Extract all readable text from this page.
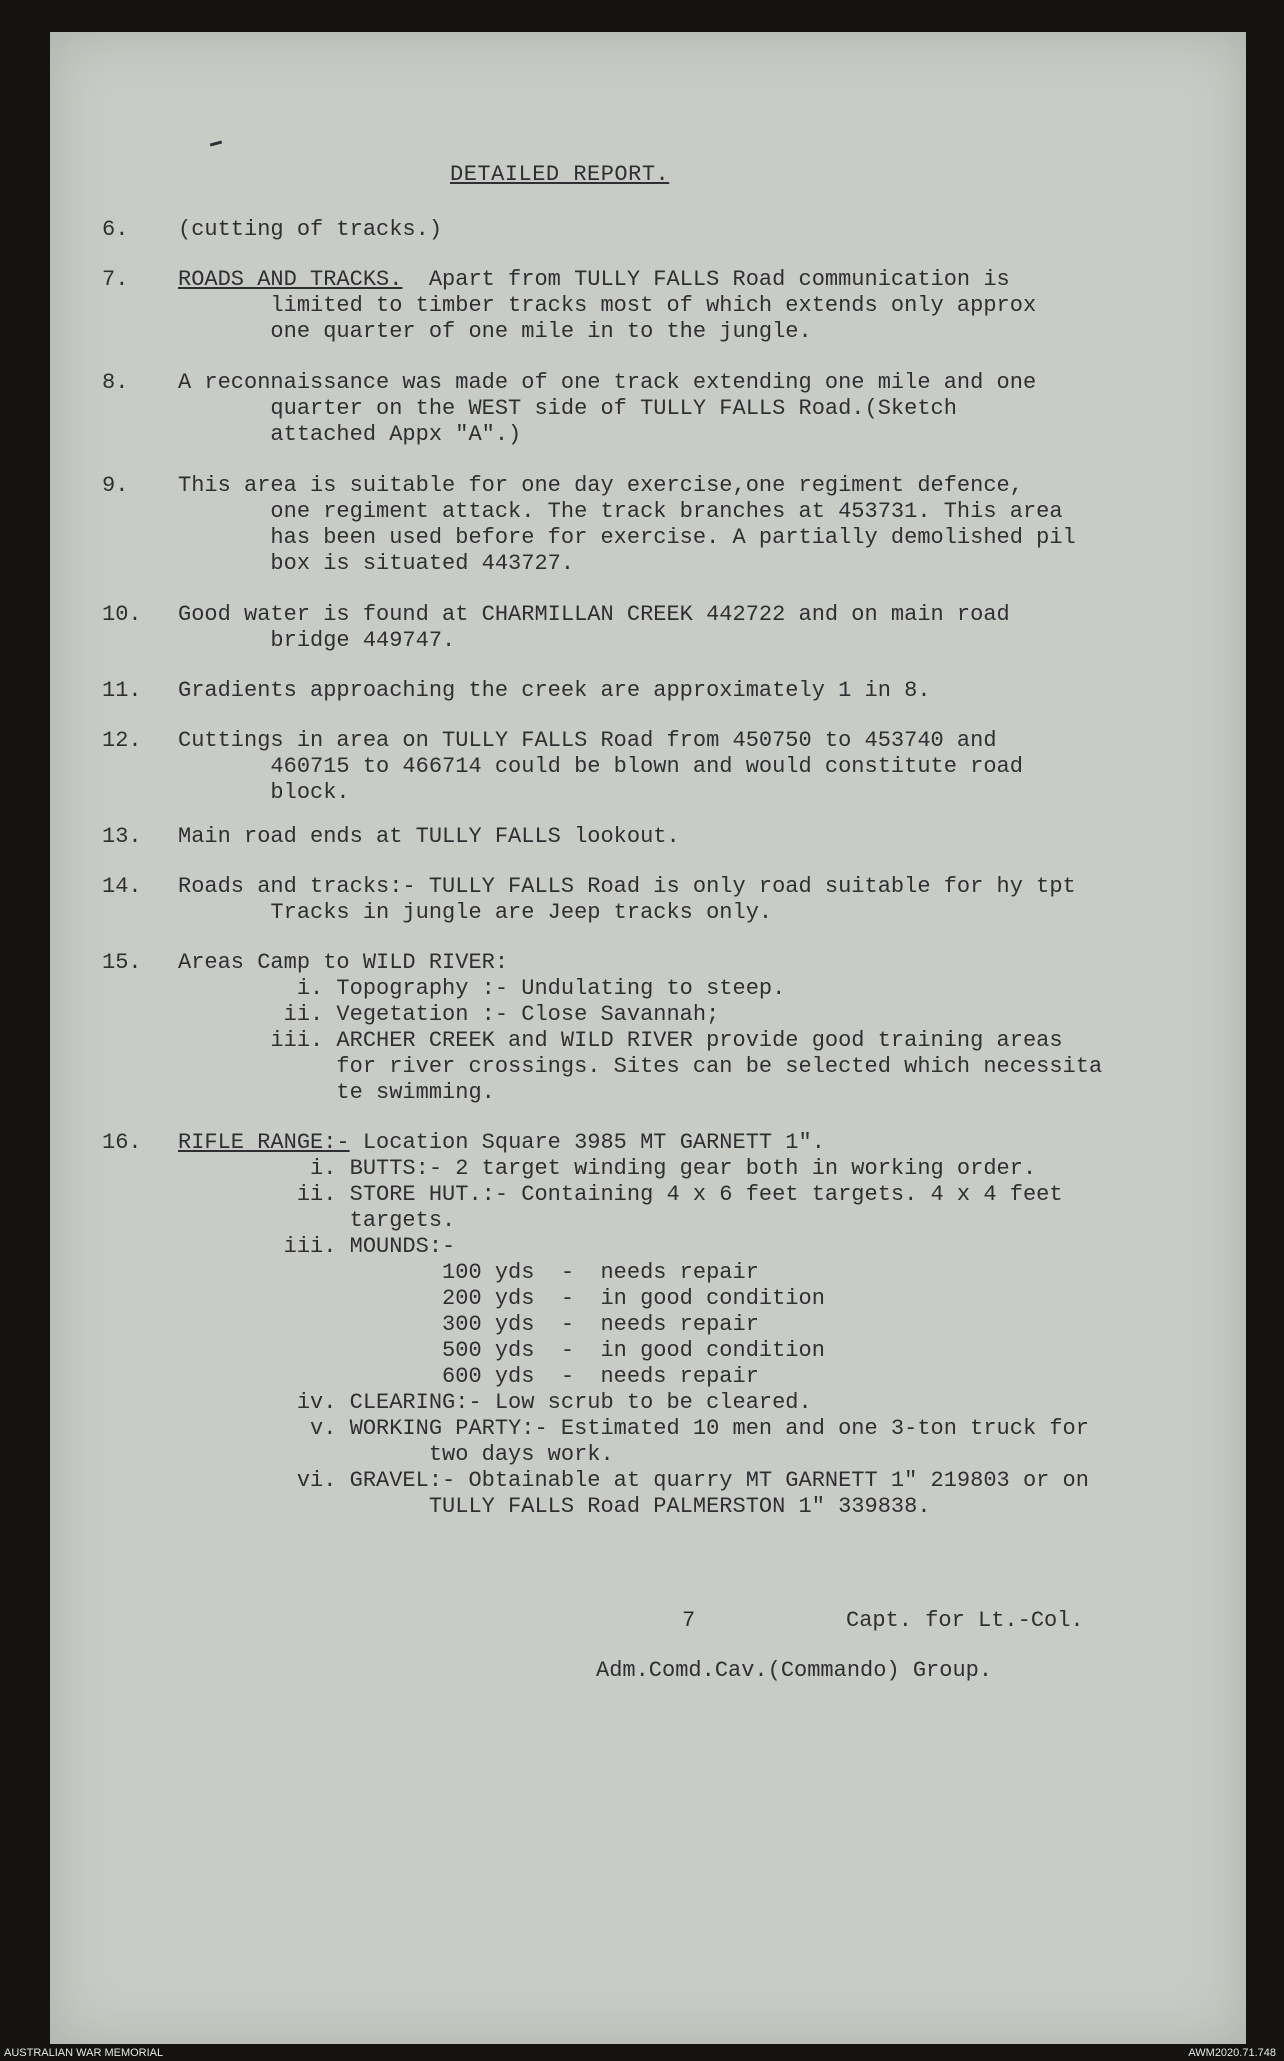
DETAILED REPORT.
6.	(cutting of tracks.)
7.	ROADS AND TRACKS.  Apart from TULLY FALLS Road communication is
limited to timber tracks most of which extends only approx
one quarter of one mile in to the jungle.
8.	A reconnaissance was made of one track extending one mile and one
quarter on the WEST side of TULLY FALLS Road.(Sketch
attached Appx "A".)
9.	This area is suitable for one day exercise,one regiment defence,
one regiment attack. The track branches at 453731. This area
has been used before for exercise. A partially demolished pil
box is situated 443727.
10.	Good water is found at CHARMILLAN CREEK 442722 and on main road
bridge 449747.
11.	Gradients approaching the creek are approximately 1 in 8.
12.	Cuttings in area on TULLY FALLS Road from 450750 to 453740 and
460715 to 466714 could be blown and would constitute road
block.
13.	Main road ends at TULLY FALLS lookout.
14.	Roads and tracks:- TULLY FALLS Road is only road suitable for hy tpt
Tracks in jungle are Jeep tracks only.
15.	Areas Camp to WILD RIVER:
i. Topography :- Undulating to steep.
ii. Vegetation :- Close Savannah;
iii. ARCHER CREEK and WILD RIVER provide good training areas
for river crossings. Sites can be selected which necessita
te swimming.
16.	RIFLE RANGE:- Location Square 3985 MT GARNETT 1".
i. BUTTS:- 2 target winding gear both in working order.
ii. STORE HUT.:- Containing 4 x 6 feet targets. 4 x 4 feet
targets.
iii. MOUNDS:-
100 yds  -  needs repair
200 yds  -  in good condition
300 yds  -  needs repair
500 yds  -  in good condition
600 yds  -  needs repair
iv. CLEARING:- Low scrub to be cleared.
v. WORKING PARTY:- Estimated 10 men and one 3-ton truck for
two days work.
vi. GRAVEL:- Obtainable at quarry MT GARNETT 1" 219803 or on
TULLY FALLS Road PALMERSTON 1" 339838.
7	Capt. for Lt.-Col.
Adm.Comd.Cav.(Commando) Group.
AUSTRALIAN WAR MEMORIAL	AWM2020.71.748
